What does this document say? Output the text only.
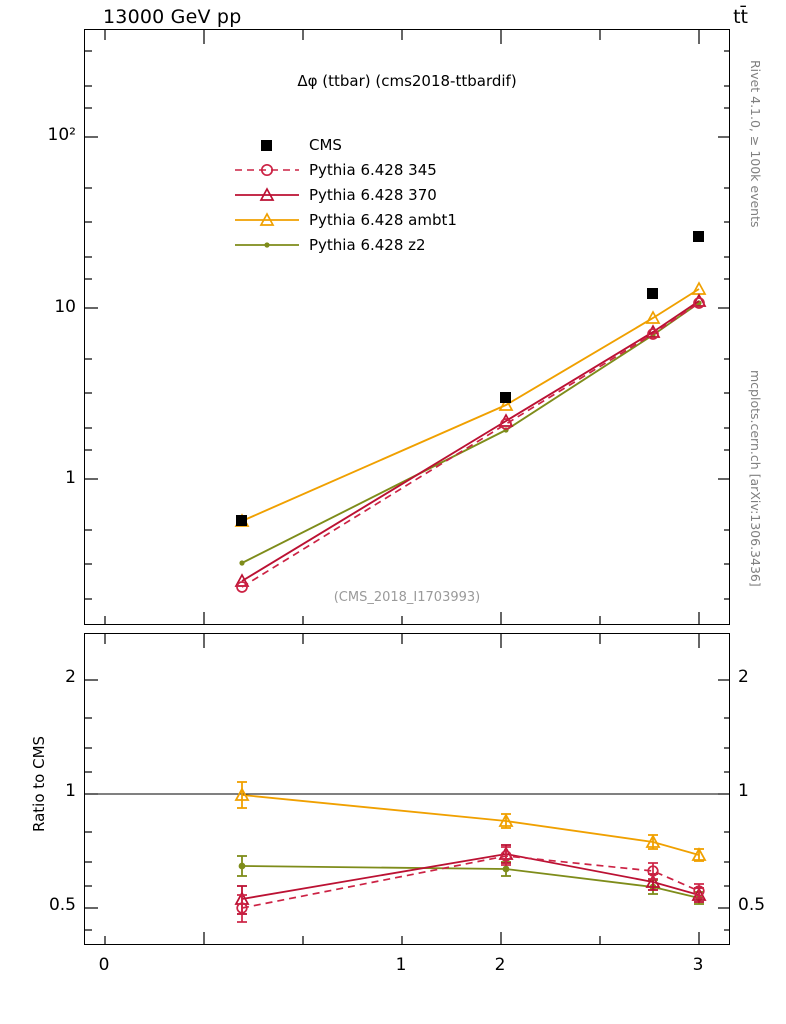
13000 GeV pp	tt̄
Rivet 4.1.0, ≥ 100k events
mcplots.cern.ch [arXiv:1306.3436]
Δφ (ttbar) (cms2018-ttbardif)
(CMS_2018_I1703993)
CMS
Pythia 6.428 345
Pythia 6.428 370
Pythia 6.428 ambt1
Pythia 6.428 z2
10²
10
1
2
1
0.5
2
1
0.5
Ratio to CMS
0	1	2	3
